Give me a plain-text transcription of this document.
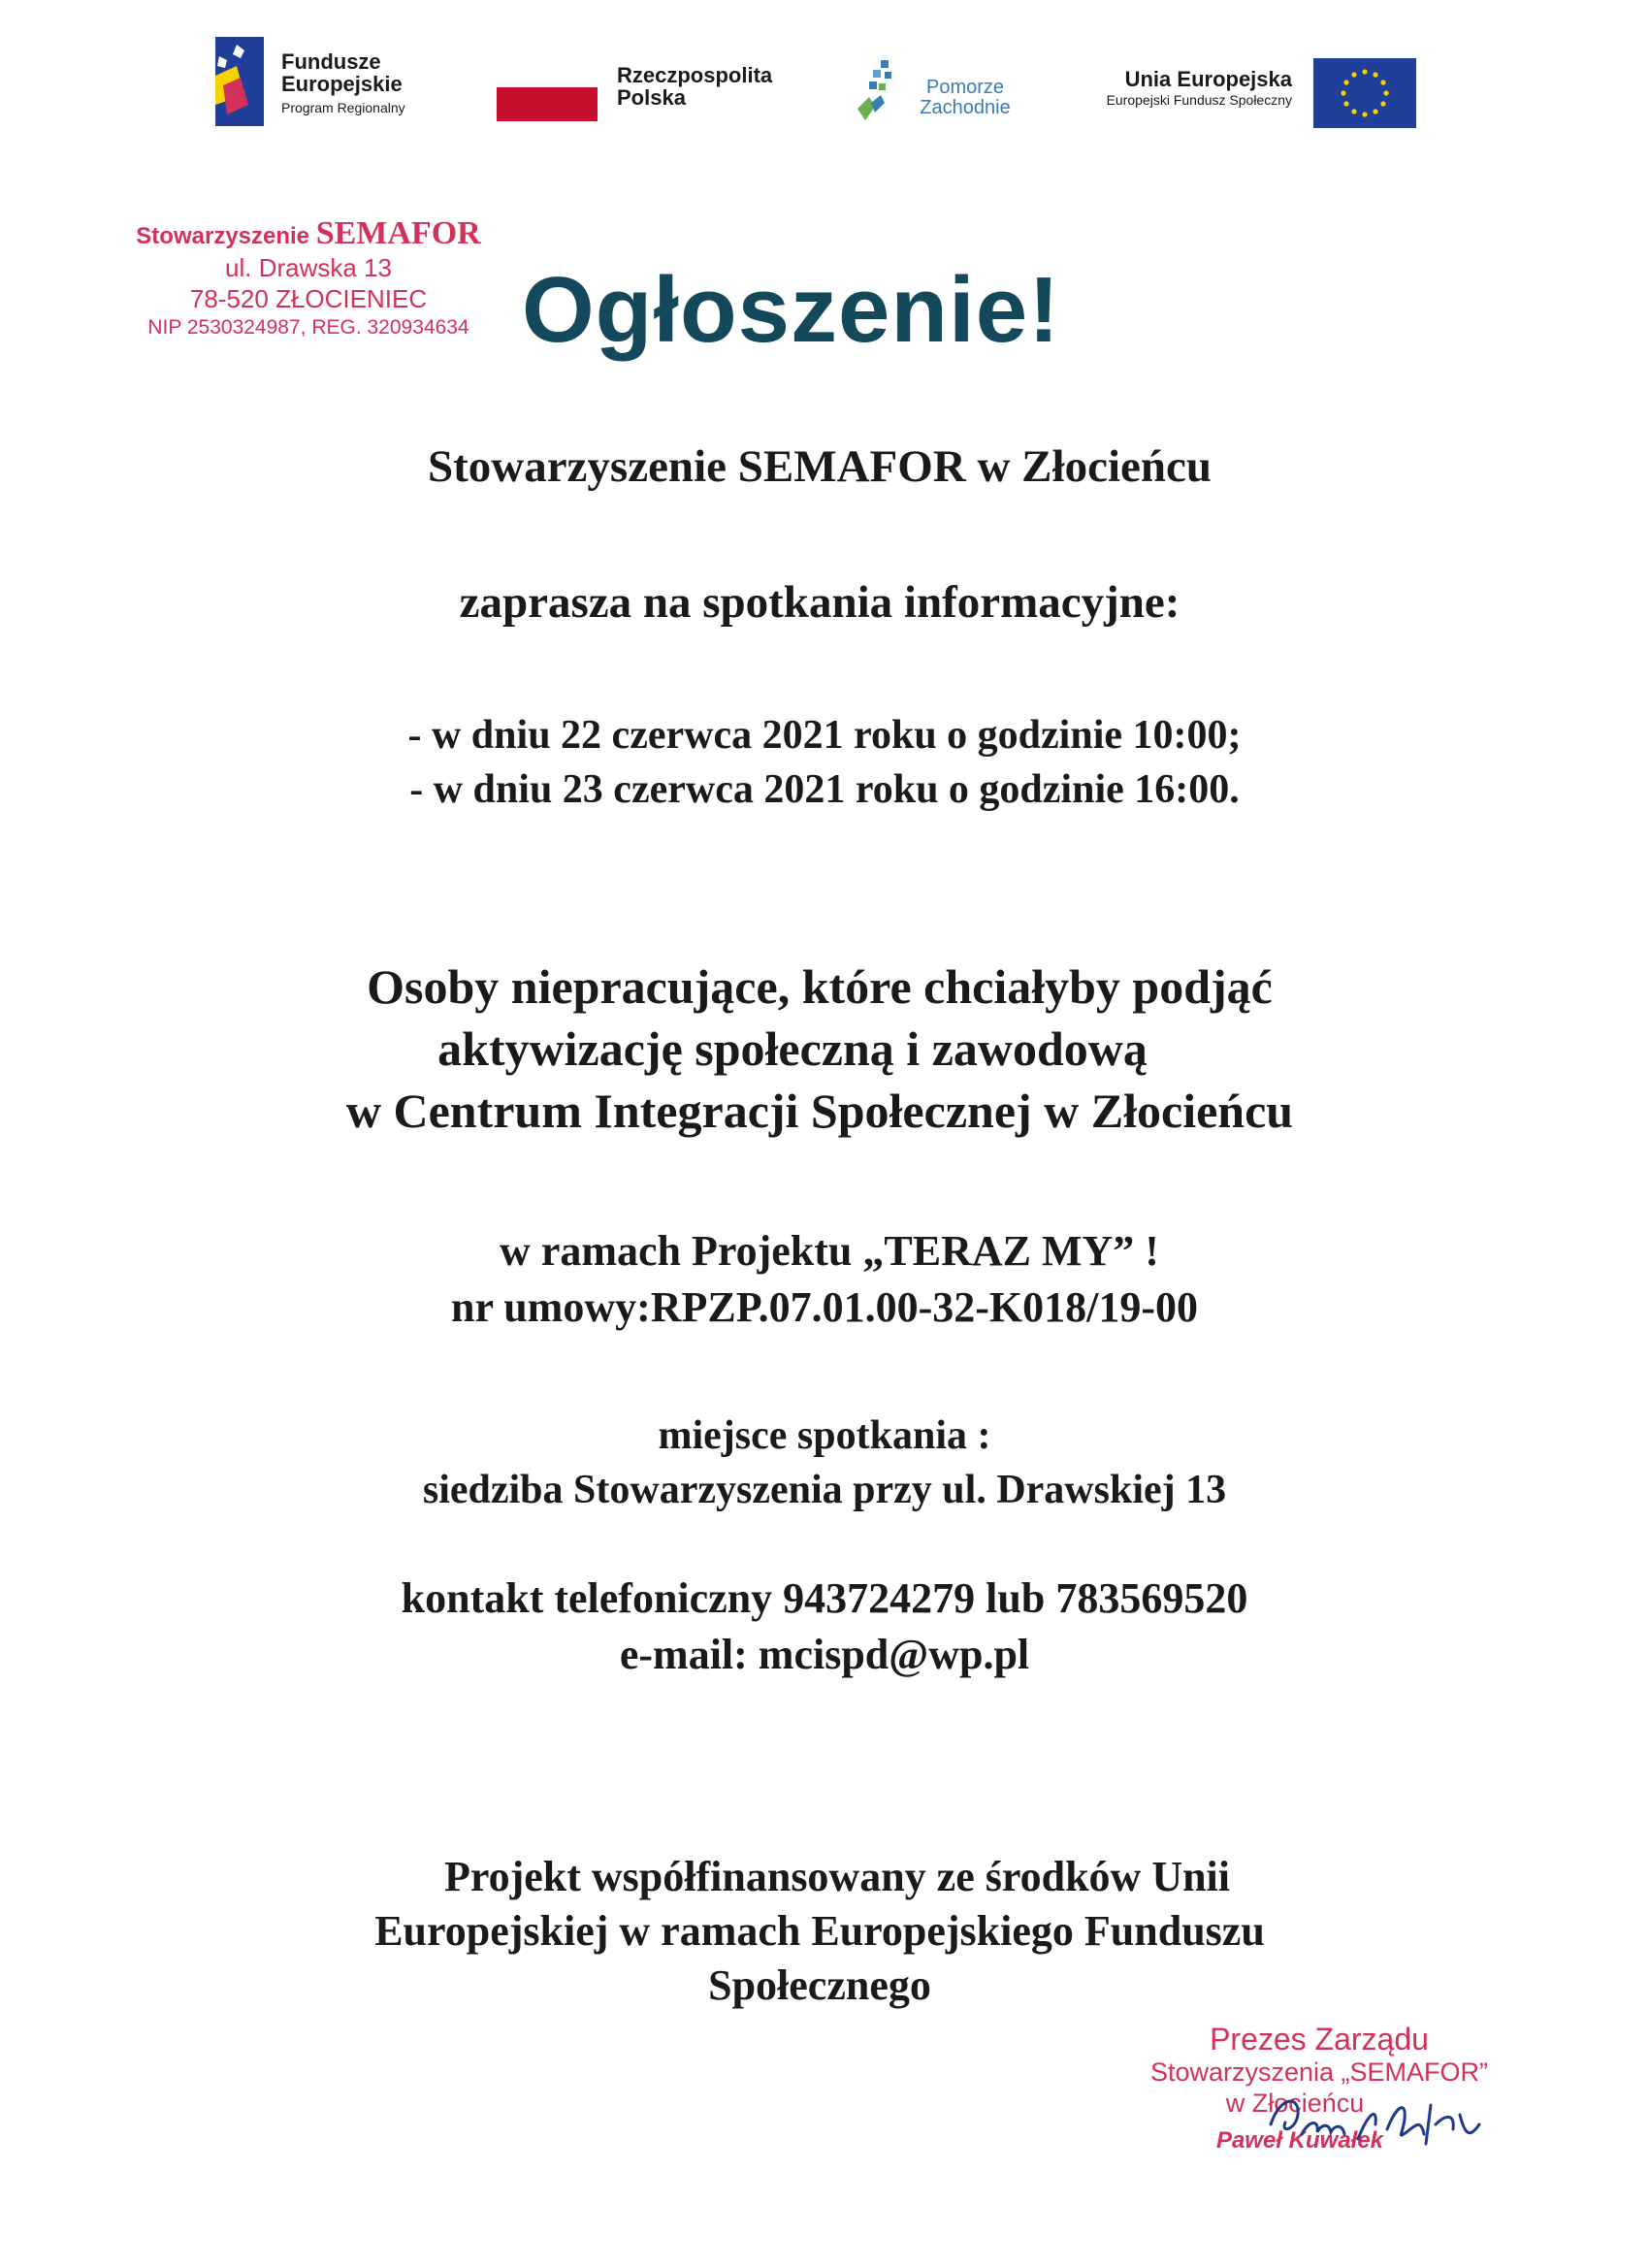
Fundusze
Europejskie
Program Regionalny
Rzeczpospolita
Polska	Pomorze
Zachodnie
Unia Europejska
Europejski Fundusz Społeczny
Stowarzyszenie SEMAFOR
ul. Drawska 13
78-520 ZŁOCIENIEC
NIP 2530324987, REG. 320934634 Ogłoszenie!
Stowarzyszenie SEMAFOR w Złocieńcu
zaprasza na spotkania informacyjne:
- w dniu 22 czerwca 2021 roku o godzinie 10:00;
- w dniu 23 czerwca 2021 roku o godzinie 16:00.
Osoby niepracujące, które chciałyby podjąć
aktywizację społeczną i zawodową
w Centrum Integracji Społecznej w Złocieńcu
w ramach Projektu „TERAZ MY” !
nr umowy:RPZP.07.01.00-32-K018/19-00
miejsce spotkania :
siedziba Stowarzyszenia przy ul. Drawskiej 13
kontakt telefoniczny 943724279 lub 783569520
e-mail: mcispd@wp.pl
Projekt współfinansowany ze środków Unii
Europejskiej w ramach Europejskiego Funduszu
Społecznego
Prezes Zarządu
Stowarzyszenia „SEMAFOR”
w Złocieńcu
Paweł Kuwałek
